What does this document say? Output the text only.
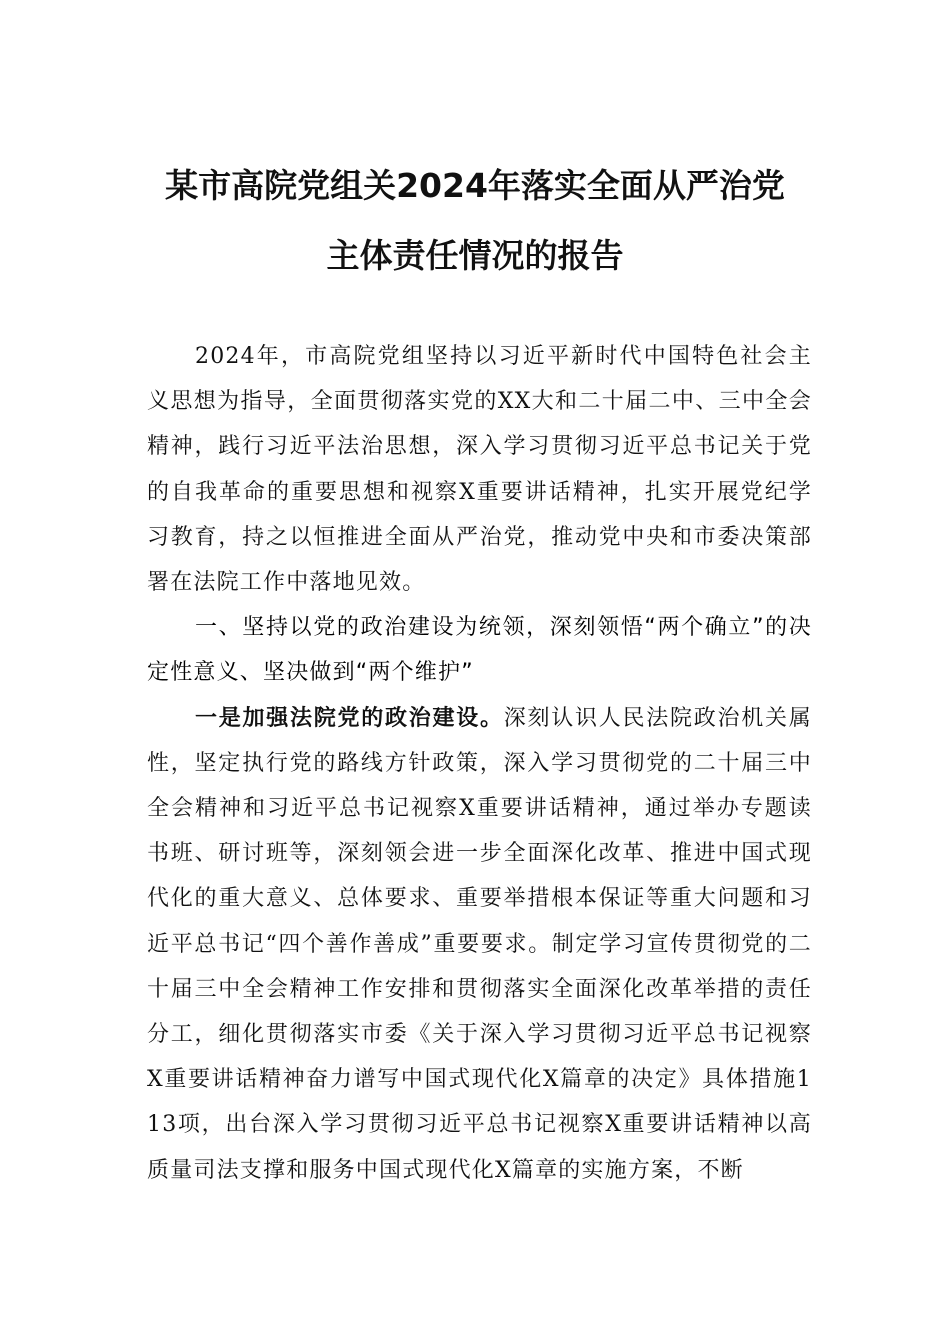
某市高院党组关2024年落实全面从严治党
主体责任情况的报告

2024年，市高院党组坚持以习近平新时代中国特色社会主义思想为指导，全面贯彻落实党的XX大和二十届二中、三中全会精神，践行习近平法治思想，深入学习贯彻习近平总书记关于党的自我革命的重要思想和视察X重要讲话精神，扎实开展党纪学习教育，持之以恒推进全面从严治党，推动党中央和市委决策部署在法院工作中落地见效。

一、坚持以党的政治建设为统领，深刻领悟“两个确立”的决定性意义、坚决做到“两个维护”

一是加强法院党的政治建设。深刻认识人民法院政治机关属性，坚定执行党的路线方针政策，深入学习贯彻党的二十届三中全会精神和习近平总书记视察X重要讲话精神，通过举办专题读书班、研讨班等，深刻领会进一步全面深化改革、推进中国式现代化的重大意义、总体要求、重要举措根本保证等重大问题和习近平总书记“四个善作善成”重要要求。制定学习宣传贯彻党的二十届三中全会精神工作安排和贯彻落实全面深化改革举措的责任分工，细化贯彻落实市委《关于深入学习贯彻习近平总书记视察X重要讲话精神奋力谱写中国式现代化X篇章的决定》具体措施113项，出台深入学习贯彻习近平总书记视察X重要讲话精神以高质量司法支撑和服务中国式现代化X篇章的实施方案，不断
